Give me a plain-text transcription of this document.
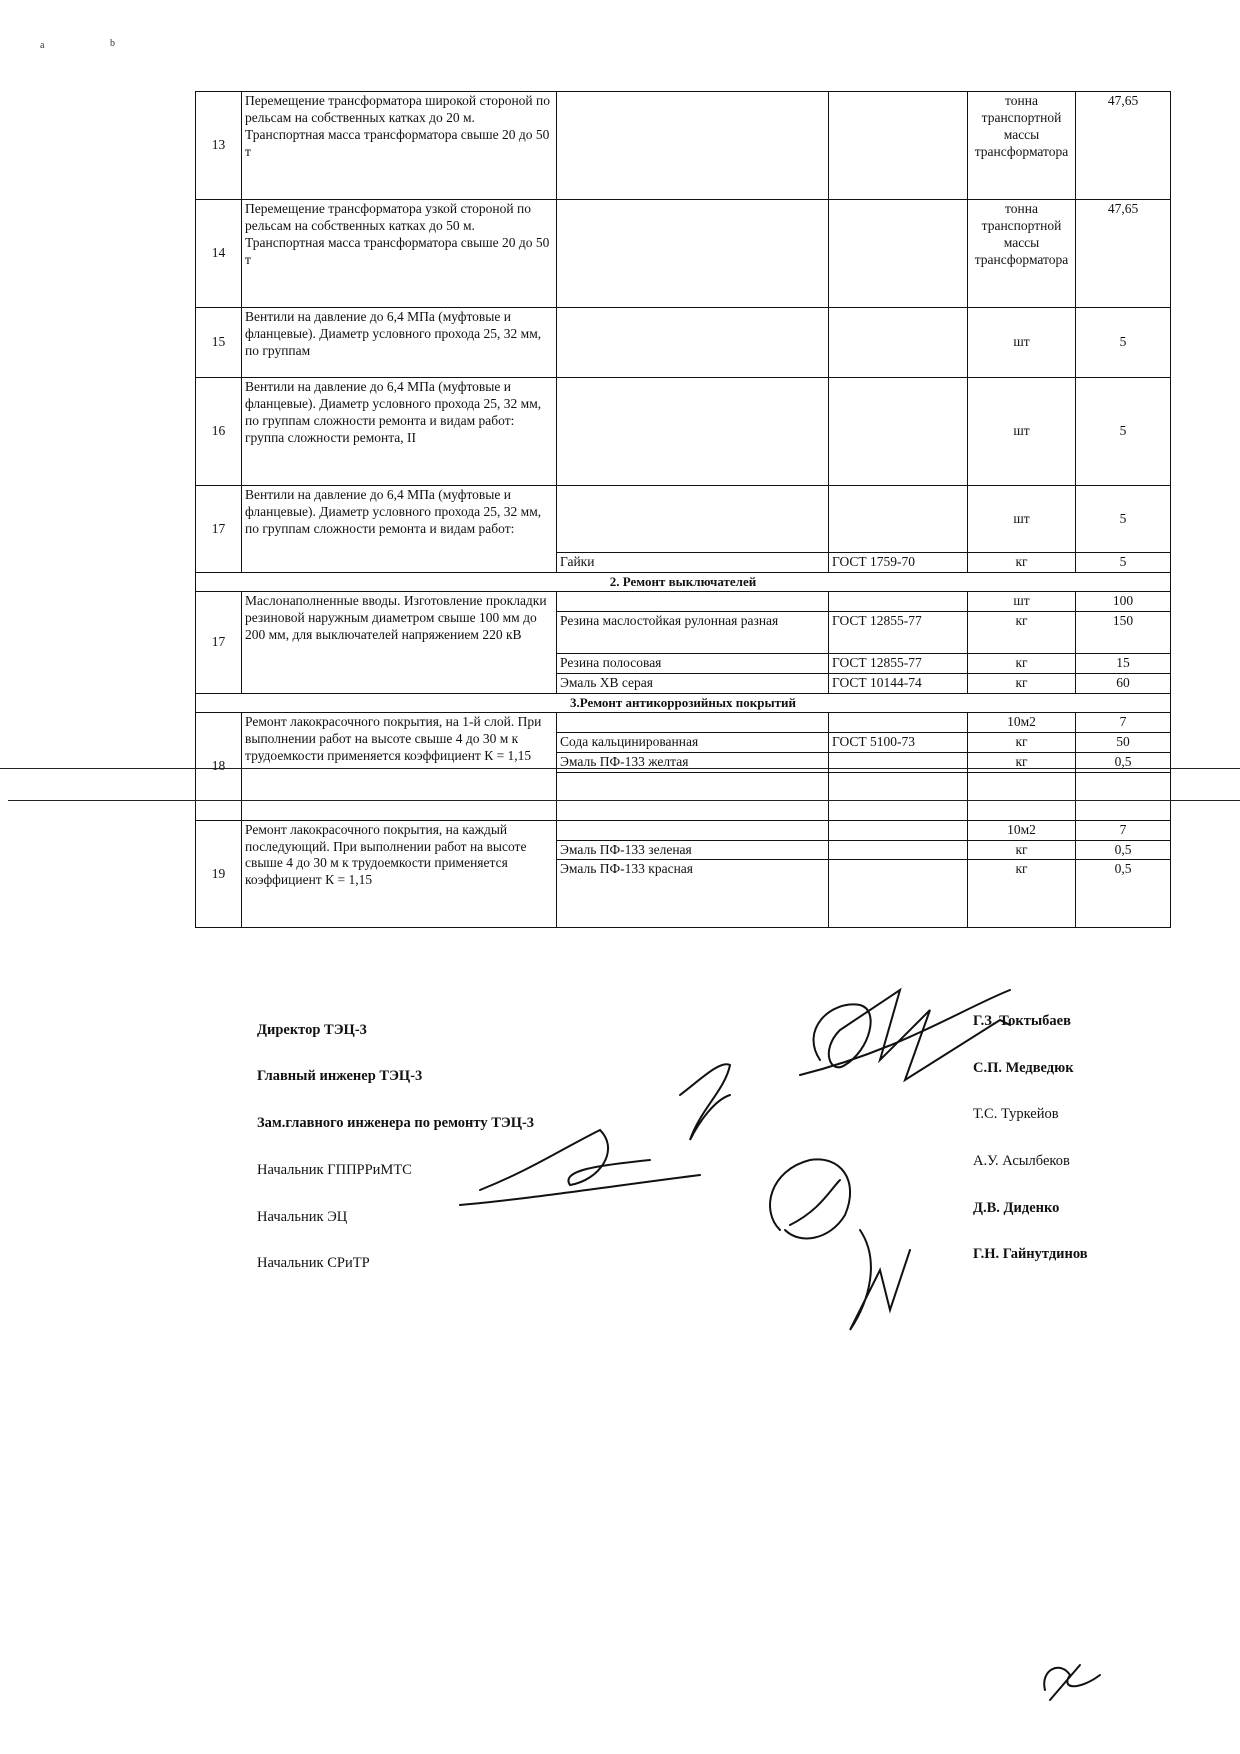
a	b
13	Перемещение трансформатора широкой стороной по рельсам на собственных катках до 20 м. Транспортная масса трансформатора свыше 20 до 50 т			тонна транспортной массы трансформатора	47,65
14	Перемещение трансформатора узкой стороной по рельсам на собственных катках до 50 м. Транспортная масса трансформатора свыше 20 до 50 т			тонна транспортной массы трансформатора	47,65
15	Вентили на давление до 6,4 МПа (муфтовые и фланцевые). Диаметр условного прохода 25, 32 мм, по группам			шт	5
16	Вентили на давление до 6,4 МПа (муфтовые и фланцевые). Диаметр условного прохода 25, 32 мм, по группам сложности ремонта и видам работ: группа сложности ремонта, II			шт	5
17	Вентили на давление до 6,4 МПа (муфтовые и фланцевые). Диаметр условного прохода 25, 32 мм, по группам сложности ремонта и видам работ:			шт	5
		Гайки	ГОСТ 1759-70	кг	5
2. Ремонт выключателей					
17	Маслонаполненные вводы. Изготовление прокладки резиновой наружным диаметром свыше 100 мм до 200 мм, для выключателей напряжением 220 кВ			шт	100
		Резина маслостойкая рулонная разная	ГОСТ 12855-77	кг	150
		Резина полосовая	ГОСТ 12855-77	кг	15
		Эмаль ХВ серая	ГОСТ 10144-74	кг	60
3.Ремонт антикоррозийных покрытий					
18	Ремонт лакокрасочного покрытия, на 1-й слой. При выполнении работ на высоте свыше 4 до 30 м к трудоемкости применяется коэффициент К = 1,15			10м2	7
		Сода кальцинированная	ГОСТ 5100-73	кг	50
		Эмаль ПФ-133 желтая		кг	0,5

19	Ремонт лакокрасочного покрытия, на каждый последующий. При выполнении работ на высоте свыше 4 до 30 м к трудоемкости применяется коэффициент К = 1,15			10м2	7
		Эмаль ПФ-133 зеленая		кг	0,5
		Эмаль ПФ-133 красная		кг	0,5
Директор ТЭЦ-3
Главный инженер ТЭЦ-3
Зам.главного инженера по ремонту ТЭЦ-3
Начальник ГППРРиМТС
Начальник ЭЦ
Начальник СРиТР
Г.З. Токтыбаев
С.П. Медведюк
Т.С. Туркейов
А.У. Асылбеков
Д.В. Диденко
Г.Н. Гайнутдинов
